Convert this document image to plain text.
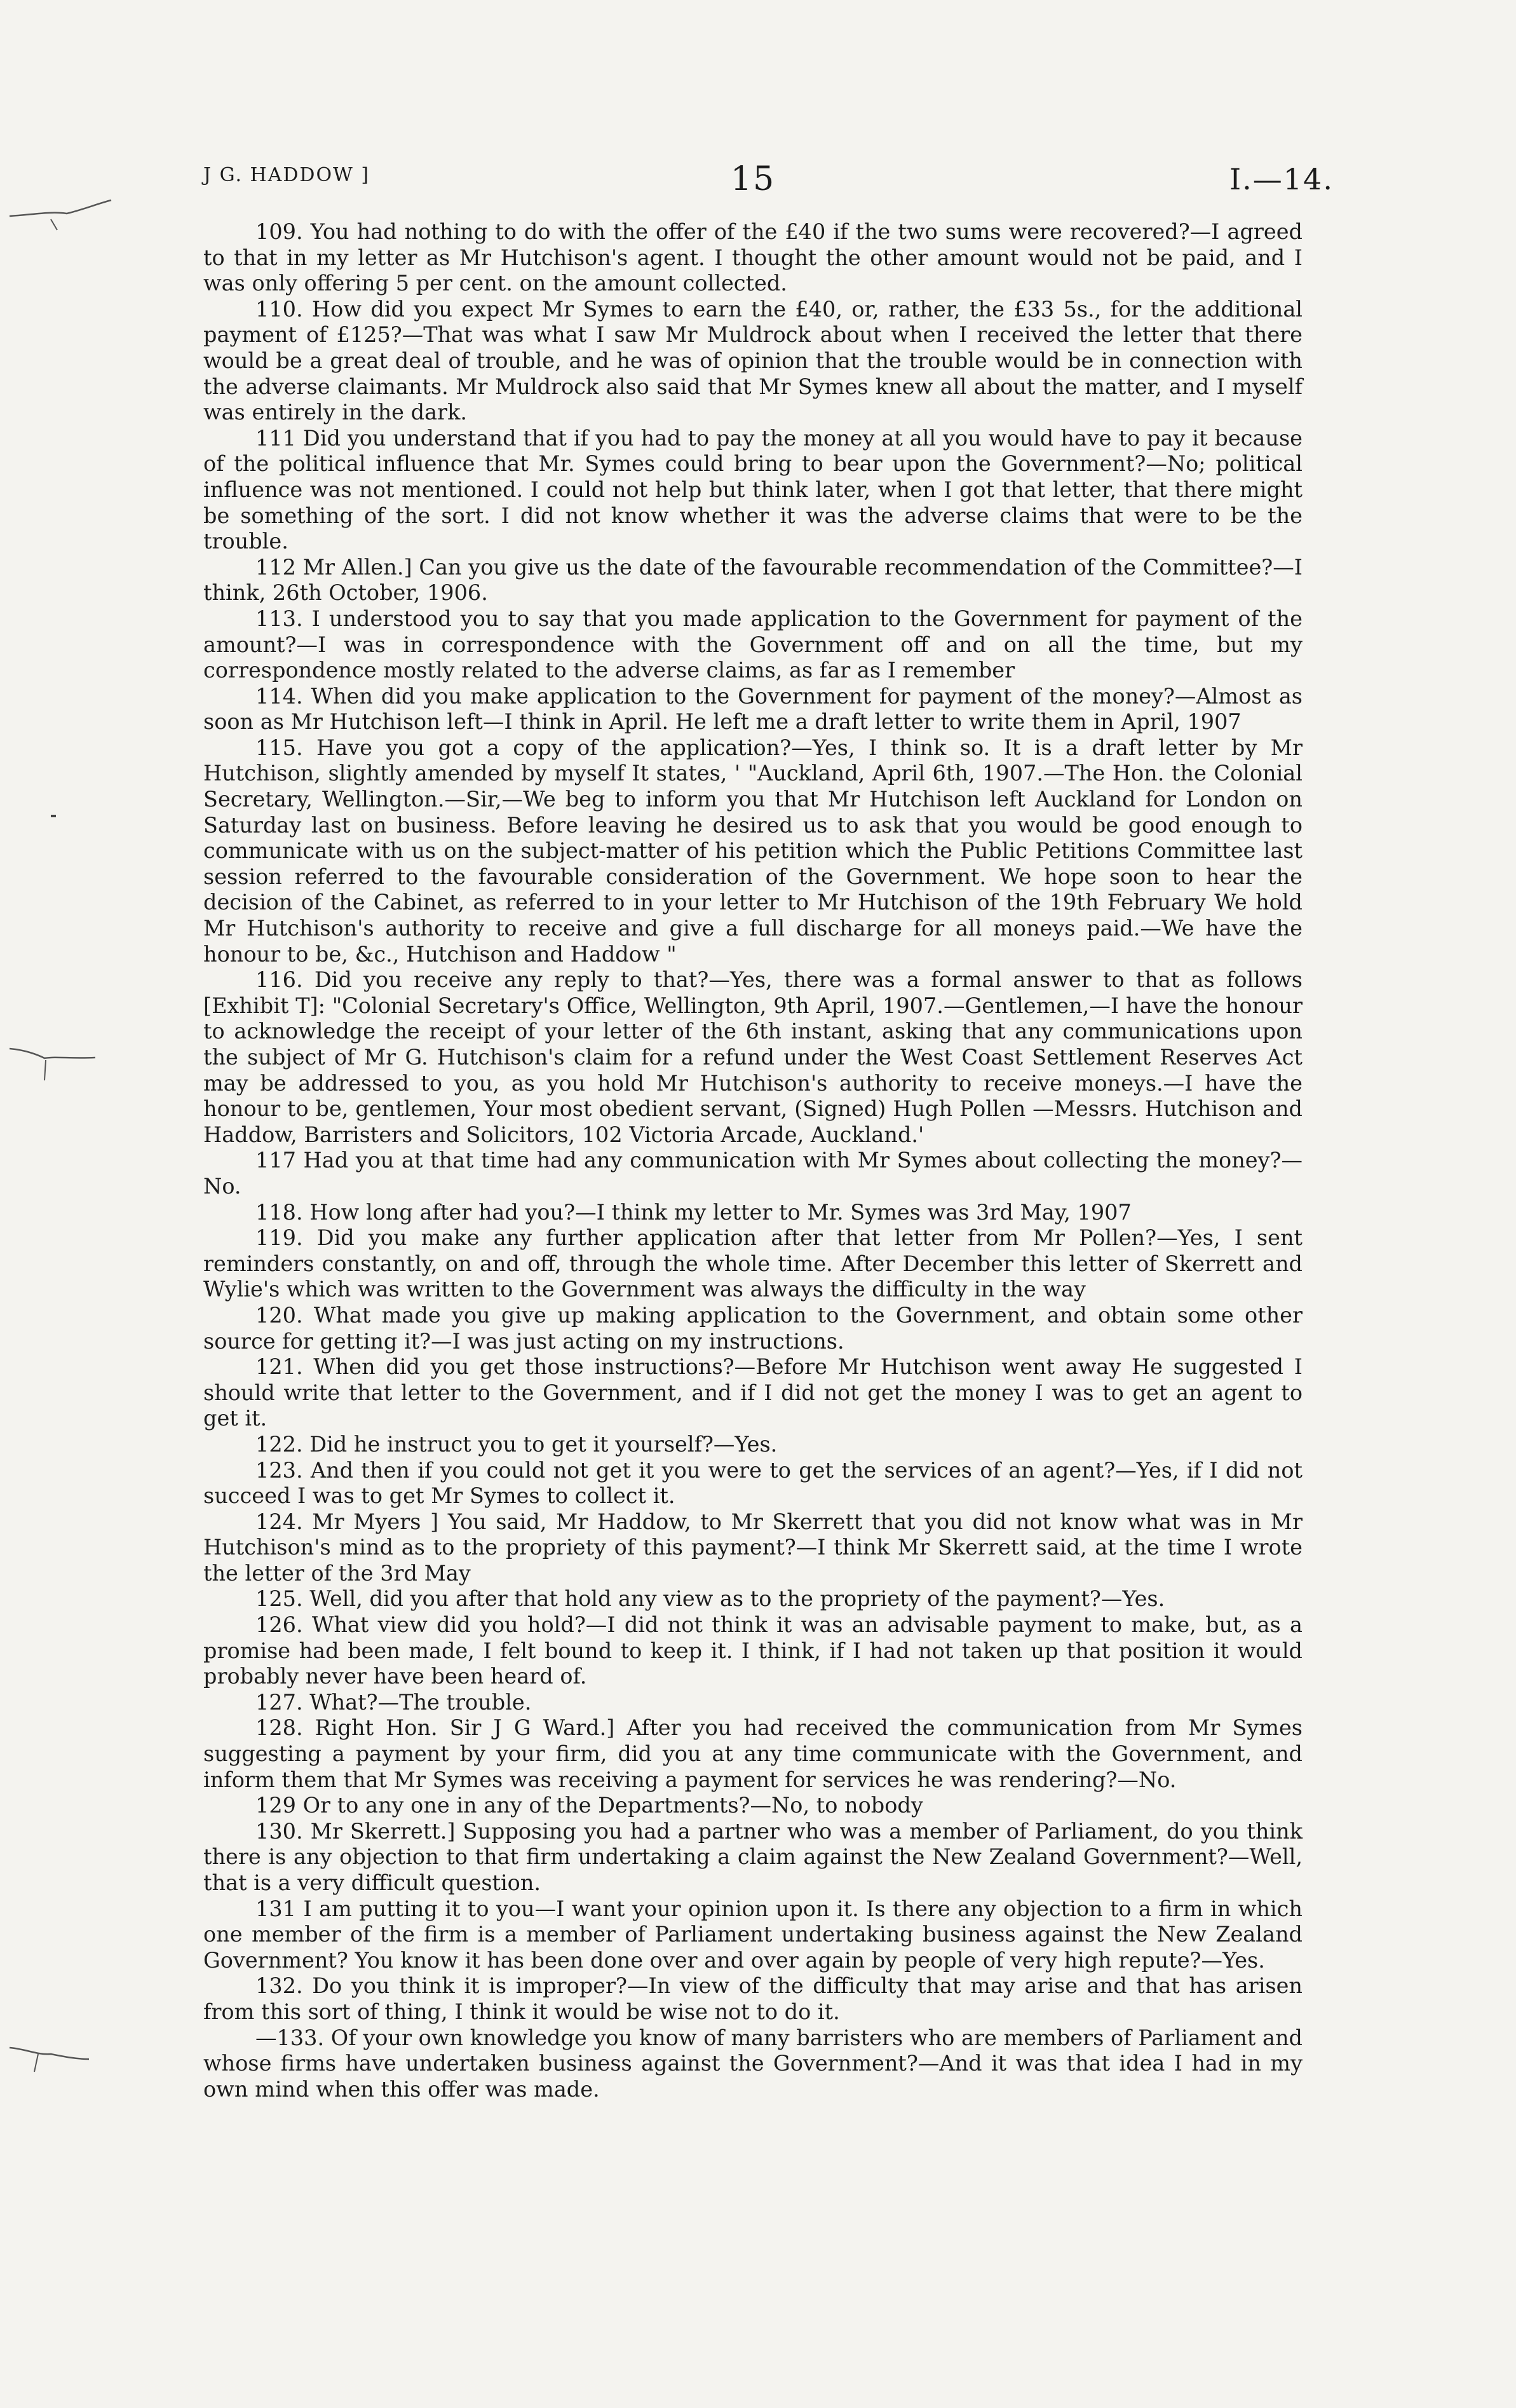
J G. HADDOW ]	15	I.—14.

109. You had nothing to do with the offer of the £40 if the two sums were recovered?—I agreed to that in my letter as Mr Hutchison's agent. I thought the other amount would not be paid, and I was only offering 5 per cent. on the amount collected.

110. How did you expect Mr Symes to earn the £40, or, rather, the £33 5s., for the additional payment of £125?—That was what I saw Mr Muldrock about when I received the letter that there would be a great deal of trouble, and he was of opinion that the trouble would be in connection with the adverse claimants. Mr Muldrock also said that Mr Symes knew all about the matter, and I myself was entirely in the dark.

111 Did you understand that if you had to pay the money at all you would have to pay it because of the political influence that Mr. Symes could bring to bear upon the Government?—No; political influence was not mentioned. I could not help but think later, when I got that letter, that there might be something of the sort. I did not know whether it was the adverse claims that were to be the trouble.

112 Mr Allen.] Can you give us the date of the favourable recommendation of the Committee?—I think, 26th October, 1906.

113. I understood you to say that you made application to the Government for payment of the amount?—I was in correspondence with the Government off and on all the time, but my correspondence mostly related to the adverse claims, as far as I remember

114. When did you make application to the Government for payment of the money?—Almost as soon as Mr Hutchison left—I think in April. He left me a draft letter to write them in April, 1907

115. Have you got a copy of the application?—Yes, I think so. It is a draft letter by Mr Hutchison, slightly amended by myself It states, ' "Auckland, April 6th, 1907.—The Hon. the Colonial Secretary, Wellington.—Sir,—We beg to inform you that Mr Hutchison left Auckland for London on Saturday last on business. Before leaving he desired us to ask that you would be good enough to communicate with us on the subject-matter of his petition which the Public Petitions Committee last session referred to the favourable consideration of the Government. We hope soon to hear the decision of the Cabinet, as referred to in your letter to Mr Hutchison of the 19th February We hold Mr Hutchison's authority to receive and give a full discharge for all moneys paid.—We have the honour to be, &c., Hutchison and Haddow "

116. Did you receive any reply to that?—Yes, there was a formal answer to that as follows [Exhibit T]: "Colonial Secretary's Office, Wellington, 9th April, 1907.—Gentlemen,—I have the honour to acknowledge the receipt of your letter of the 6th instant, asking that any communications upon the subject of Mr G. Hutchison's claim for a refund under the West Coast Settlement Reserves Act may be addressed to you, as you hold Mr Hutchison's authority to receive moneys.—I have the honour to be, gentlemen, Your most obedient servant, (Signed) Hugh Pollen —Messrs. Hutchison and Haddow, Barristers and Solicitors, 102 Victoria Arcade, Auckland.'

117 Had you at that time had any communication with Mr Symes about collecting the money?—No.

118. How long after had you?—I think my letter to Mr. Symes was 3rd May, 1907

119. Did you make any further application after that letter from Mr Pollen?—Yes, I sent reminders constantly, on and off, through the whole time. After December this letter of Skerrett and Wylie's which was written to the Government was always the difficulty in the way

120. What made you give up making application to the Government, and obtain some other source for getting it?—I was just acting on my instructions.

121. When did you get those instructions?—Before Mr Hutchison went away He suggested I should write that letter to the Government, and if I did not get the money I was to get an agent to get it.

122. Did he instruct you to get it yourself?—Yes.

123. And then if you could not get it you were to get the services of an agent?—Yes, if I did not succeed I was to get Mr Symes to collect it.

124. Mr Myers ] You said, Mr Haddow, to Mr Skerrett that you did not know what was in Mr Hutchison's mind as to the propriety of this payment?—I think Mr Skerrett said, at the time I wrote the letter of the 3rd May

125. Well, did you after that hold any view as to the propriety of the payment?—Yes.

126. What view did you hold?—I did not think it was an advisable payment to make, but, as a promise had been made, I felt bound to keep it. I think, if I had not taken up that position it would probably never have been heard of.

127. What?—The trouble.

128. Right Hon. Sir J G Ward.] After you had received the communication from Mr Symes suggesting a payment by your firm, did you at any time communicate with the Government, and inform them that Mr Symes was receiving a payment for services he was rendering?—No.

129 Or to any one in any of the Departments?—No, to nobody

130. Mr Skerrett.] Supposing you had a partner who was a member of Parliament, do you think there is any objection to that firm undertaking a claim against the New Zealand Government?—Well, that is a very difficult question.

131 I am putting it to you—I want your opinion upon it. Is there any objection to a firm in which one member of the firm is a member of Parliament undertaking business against the New Zealand Government? You know it has been done over and over again by people of very high repute?—Yes.

132. Do you think it is improper?—In view of the difficulty that may arise and that has arisen from this sort of thing, I think it would be wise not to do it.

—133. Of your own knowledge you know of many barristers who are members of Parliament and whose firms have undertaken business against the Government?—And it was that idea I had in my own mind when this offer was made.
